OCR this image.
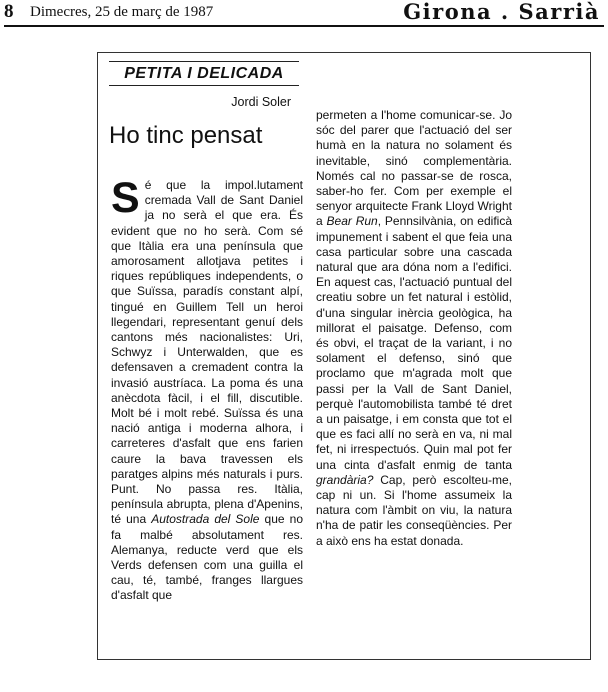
8 Dimecres, 25 de març de 1987	Girona . Sarrià
PETITA I DELICADA
Jordi Soler
Ho tinc pensat
Sé que la impol.lutament cremada Vall de Sant Daniel ja no serà el que era. És evident que no ho serà. Com sé que Itàlia era una península que amorosament allotjava petites i riques repúbliques independents, o que Suïssa, paradís constant alpí, tingué en Guillem Tell un heroi llegendari, representant genuí dels cantons més nacionalistes: Uri, Schwyz i Unterwalden, que es defensaven a cremadent contra la invasió austríaca. La poma és una anècdota fàcil, i el fill, discutible. Molt bé i molt rebé. Suïssa és una nació antiga i moderna alhora, i carreteres d'asfalt que ens farien caure la bava travessen els paratges alpins més naturals i purs. Punt. No passa res. Itàlia, península abrupta, plena d'Apenins, té una Autostrada del Sole que no fa malbé absolutament res. Alemanya, reducte verd que els Verds defensen com una guilla el cau, té, també, franges llargues d'asfalt que
permeten a l'home comunicar-se. Jo sóc del parer que l'actuació del ser humà en la natura no solament és inevitable, sinó complementària. Només cal no passar-se de rosca, saber-ho fer. Com per exemple el senyor arquitecte Frank Lloyd Wright a Bear Run, Pennsilvània, on edificà impunement i sabent el que feia una casa particular sobre una cascada natural que ara dóna nom a l'edifici. En aquest cas, l'actuació puntual del creatiu sobre un fet natural i estòlid, d'una singular inèrcia geològica, ha millorat el paisatge. Defenso, com és obvi, el traçat de la variant, i no solament el defenso, sinó que proclamo que m'agrada molt que passi per la Vall de Sant Daniel, perquè l'automobilista també té dret a un paisatge, i em consta que tot el que es faci allí no serà en va, ni mal fet, ni irrespectuós. Quin mal pot fer una cinta d'asfalt enmig de tanta grandària? Cap, però escolteu-me, cap ni un. Si l'home assumeix la natura com l'àmbit on viu, la natura n'ha de patir les conseqüències. Per a això ens ha estat donada.
